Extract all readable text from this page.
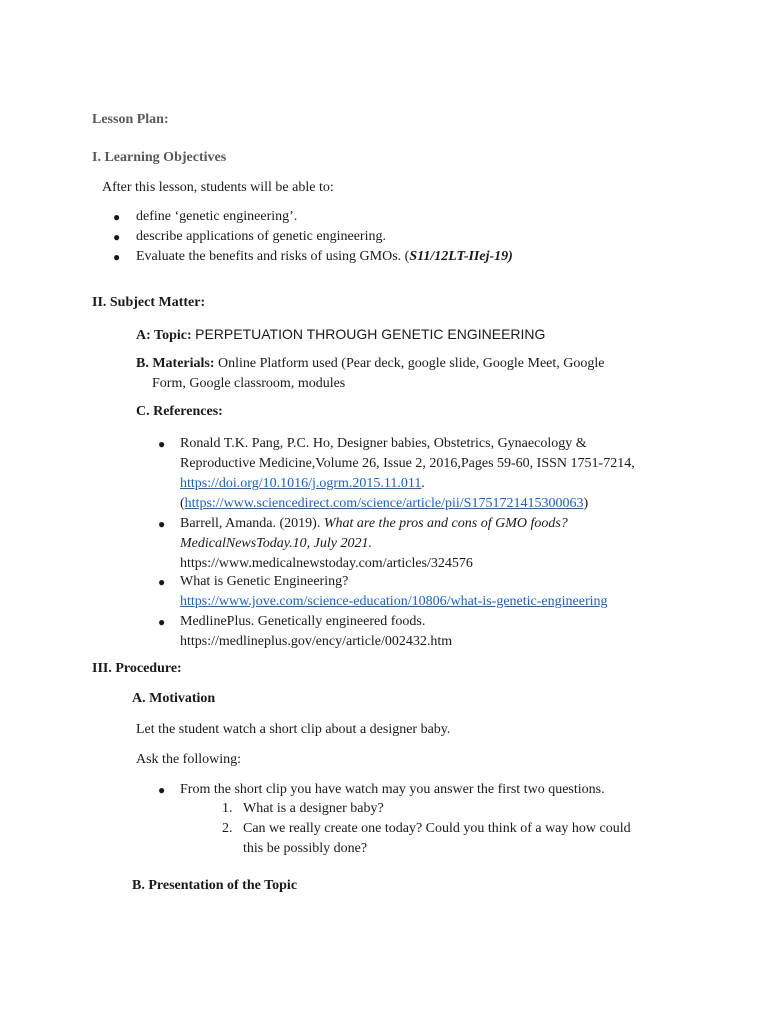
Lesson Plan:
I. Learning Objectives
After this lesson, students will be able to:
● define ‘genetic engineering’.
● describe applications of genetic engineering.
● Evaluate the benefits and risks of using GMOs. (S11/12LT-IIej-19)
II. Subject Matter:
A: Topic: PERPETUATION THROUGH GENETIC ENGINEERING
B. Materials: Online Platform used (Pear deck, google slide, Google Meet, Google
Form, Google classroom, modules
C. References:
● Ronald T.K. Pang, P.C. Ho, Designer babies, Obstetrics, Gynaecology &
Reproductive Medicine,Volume 26, Issue 2, 2016,Pages 59-60, ISSN 1751-7214,
https://doi.org/10.1016/j.ogrm.2015.11.011.
(https://www.sciencedirect.com/science/article/pii/S1751721415300063)
● Barrell, Amanda. (2019). What are the pros and cons of GMO foods?
MedicalNewsToday.10, July 2021.
https://www.medicalnewstoday.com/articles/324576
● What is Genetic Engineering?
https://www.jove.com/science-education/10806/what-is-genetic-engineering
● MedlinePlus. Genetically engineered foods.
https://medlineplus.gov/ency/article/002432.htm
III. Procedure:
A. Motivation
Let the student watch a short clip about a designer baby.
Ask the following:
● From the short clip you have watch may you answer the first two questions.
1. What is a designer baby?
2. Can we really create one today? Could you think of a way how could
this be possibly done?
B. Presentation of the Topic
